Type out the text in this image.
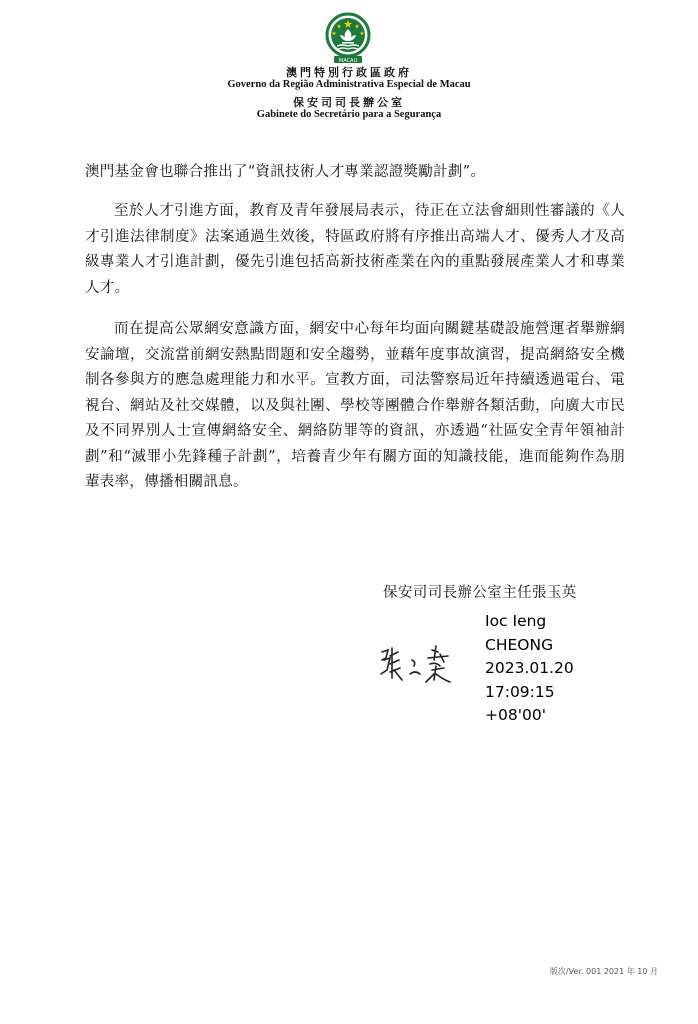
MACAU
澳門特別行政區政府
Governo da Região Administrativa Especial de Macau
保安司司長辦公室
Gabinete do Secretário para a Segurança

澳門基金會也聯合推出了“資訊技術人才專業認證獎勵計劃”。

至於人才引進方面，教育及青年發展局表示，待正在立法會細則性審議的《人才引進法律制度》法案通過生效後，特區政府將有序推出高端人才、優秀人才及高級專業人才引進計劃，優先引進包括高新技術產業在內的重點發展產業人才和專業人才。

而在提高公眾網安意識方面，網安中心每年均面向關鍵基礎設施營運者舉辦網安論壇，交流當前網安熱點問題和安全趨勢，並藉年度事故演習，提高網絡安全機制各參與方的應急處理能力和水平。宣教方面，司法警察局近年持續透過電台、電視台、網站及社交媒體，以及與社團、學校等團體合作舉辦各類活動，向廣大市民及不同界別人士宣傳網絡安全、網絡防罪等的資訊，亦透過“社區安全青年領袖計劃”和“滅罪小先鋒種子計劃”，培養青少年有關方面的知識技能，進而能夠作為朋輩表率，傳播相關訊息。

保安司司長辦公室主任張玉英
Ioc Ieng
CHEONG
2023.01.20
17:09:15
+08'00'
版次/Ver. 001 2021 年 10 月
